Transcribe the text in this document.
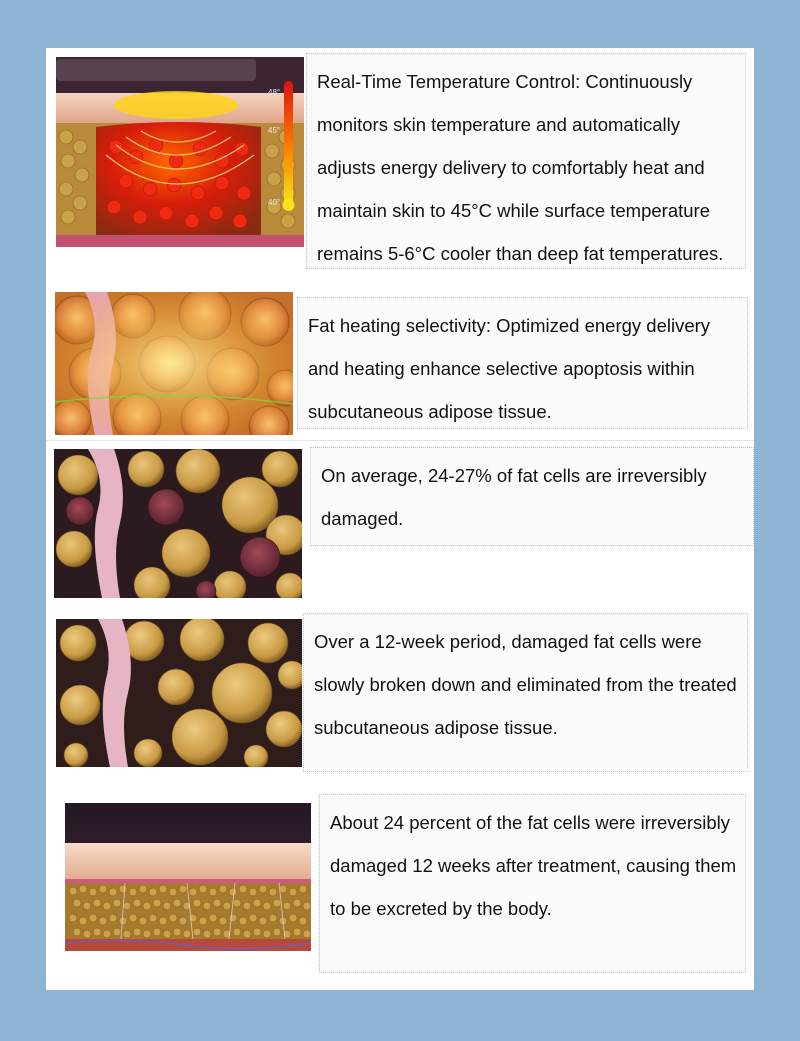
48°
45°
40°

Real-Time Temperature Control: Continuously monitors skin temperature and automatically adjusts energy delivery to comfortably heat and maintain skin to 45°C while surface temperature remains 5-6°C cooler than deep fat temperatures.

Fat heating selectivity: Optimized energy delivery and heating enhance selective apoptosis within subcutaneous adipose tissue.

On average, 24-27% of fat cells are irreversibly damaged.

Over a 12-week period, damaged fat cells were slowly broken down and eliminated from the treated subcutaneous adipose tissue.

About 24 percent of the fat cells were irreversibly damaged 12 weeks after treatment, causing them to be excreted by the body.
